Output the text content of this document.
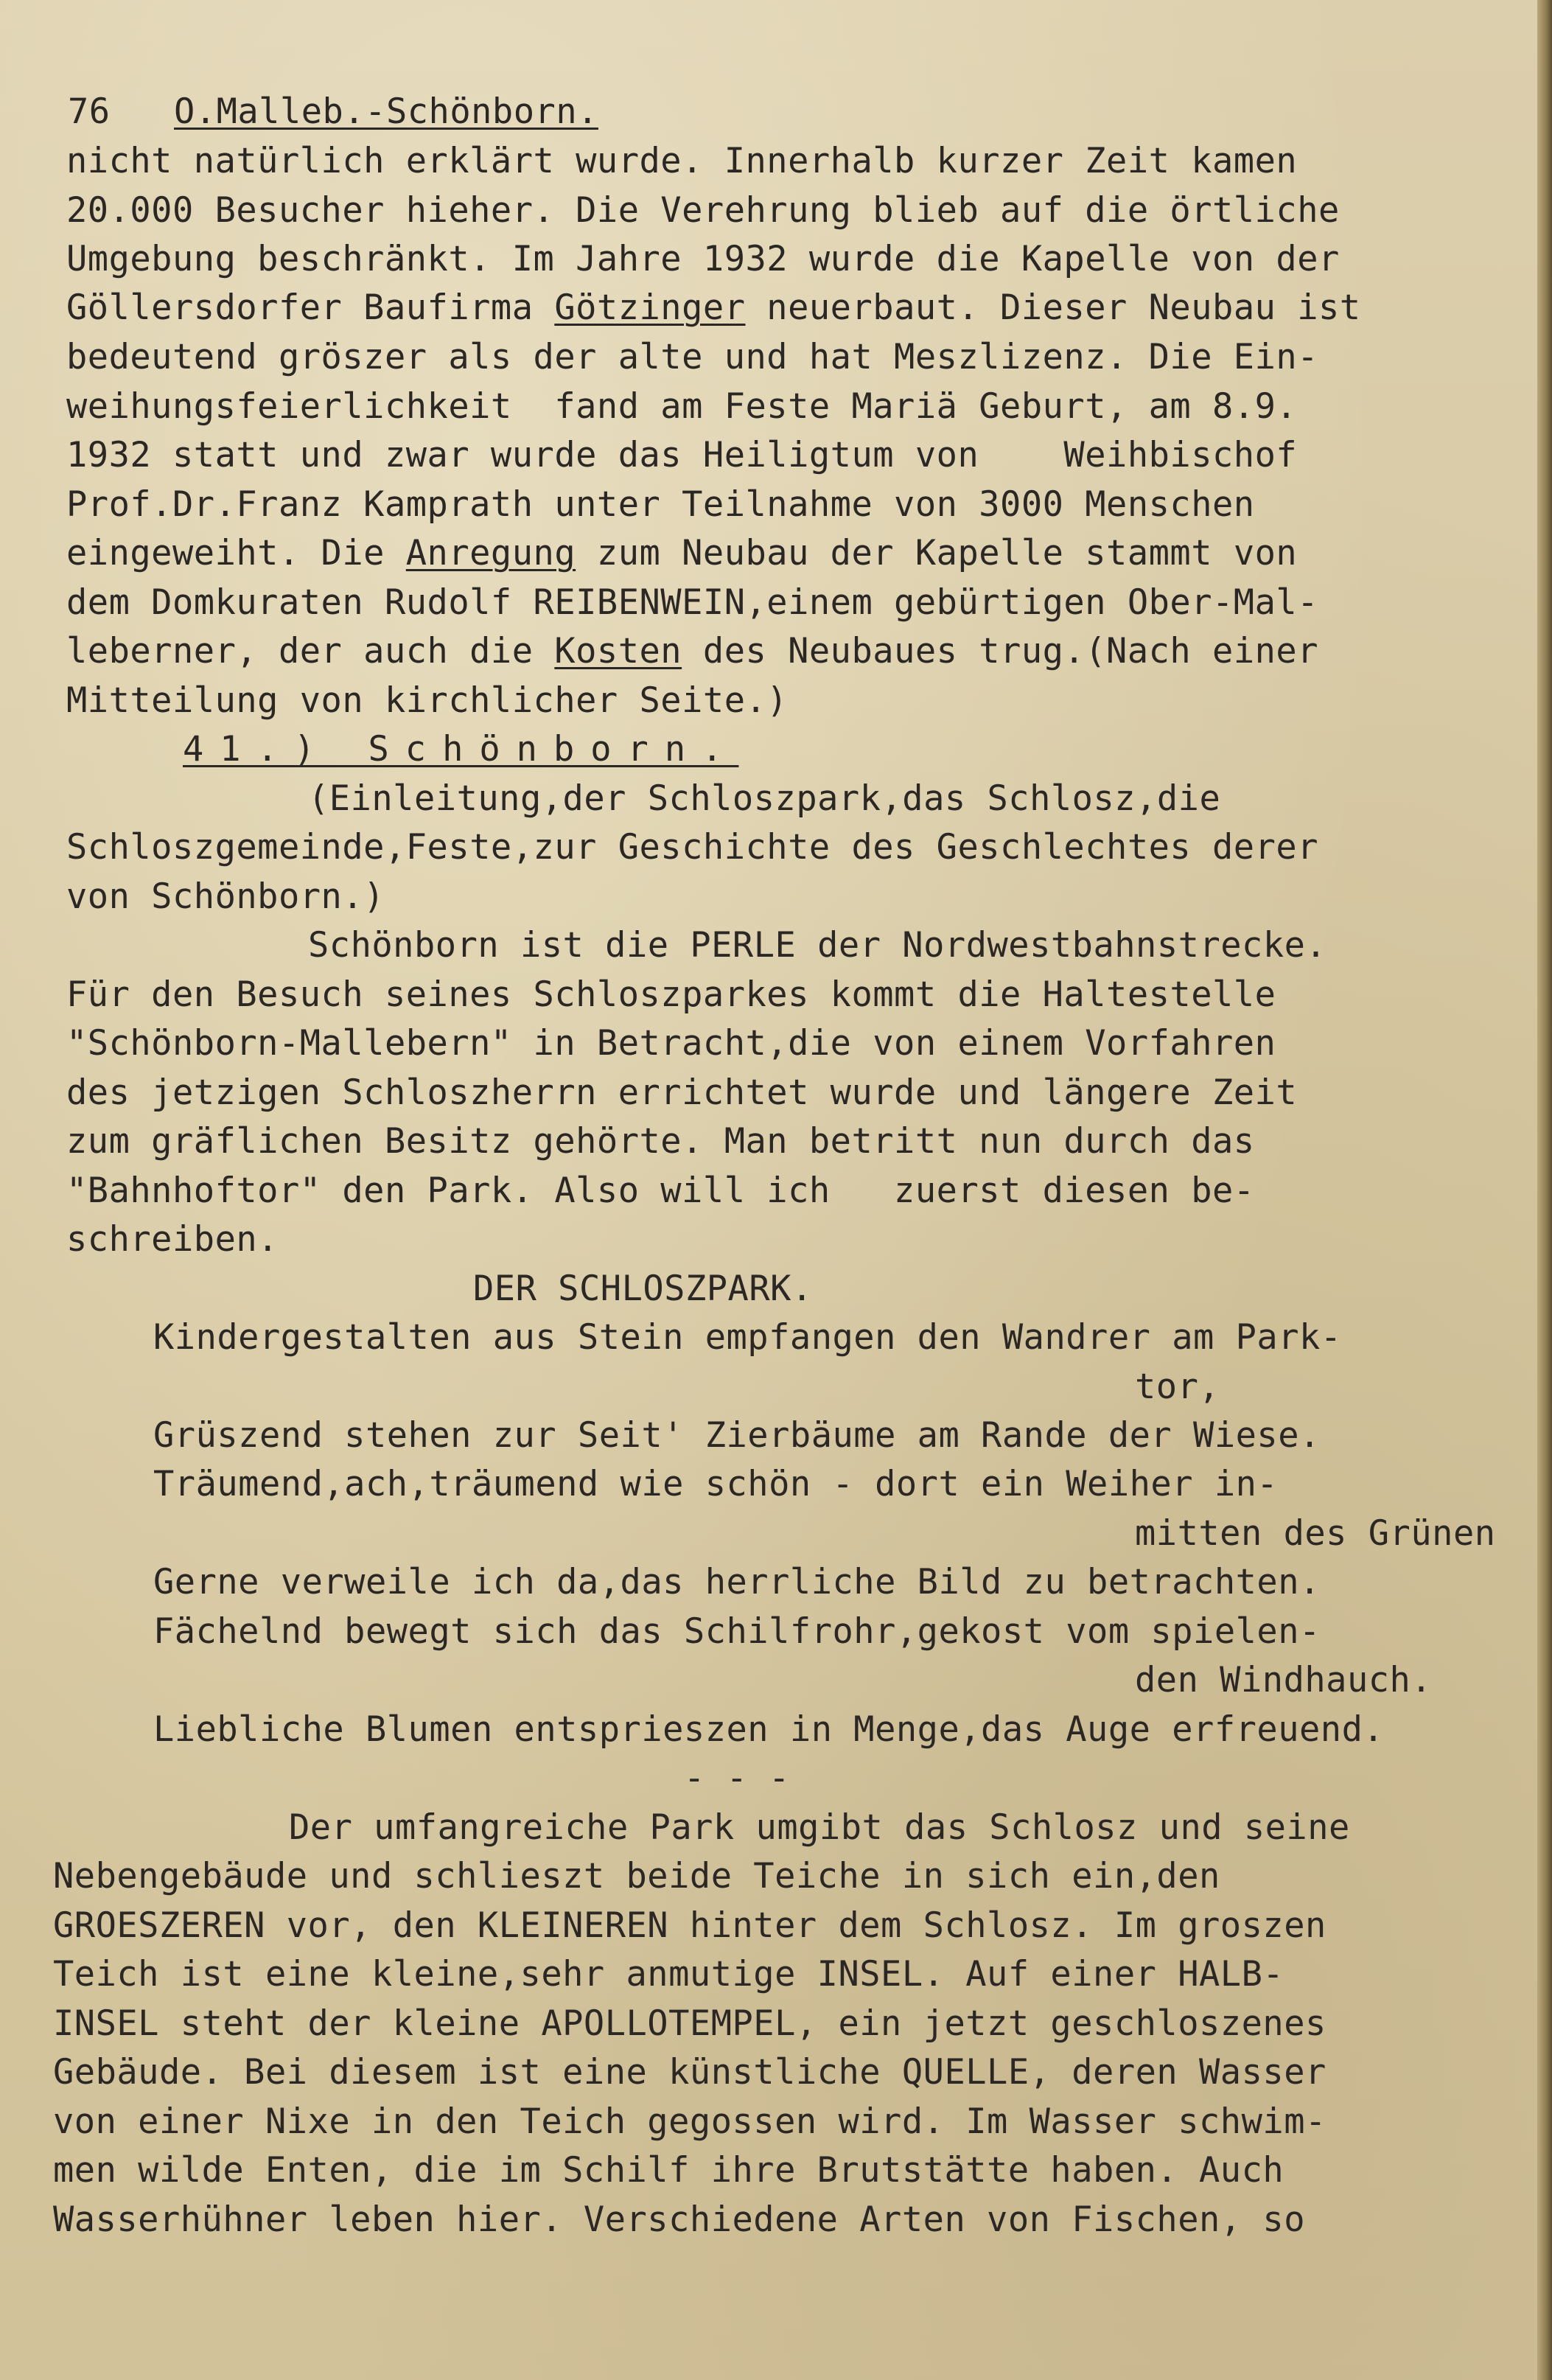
76 O.Malleb.-Schönborn.
nicht natürlich erklärt wurde. Innerhalb kurzer Zeit kamen
20.000 Besucher hieher. Die Verehrung blieb auf die örtliche
Umgebung beschränkt. Im Jahre 1932 wurde die Kapelle von der
Göllersdorfer Baufirma Götzinger neuerbaut. Dieser Neubau ist
bedeutend gröszer als der alte und hat Meszlizenz. Die Ein-
weihungsfeierlichkeit  fand am Feste Mariä Geburt, am 8.9.
1932 statt und zwar wurde das Heiligtum von    Weihbischof
Prof.Dr.Franz Kamprath unter Teilnahme von 3000 Menschen
eingeweiht. Die Anregung zum Neubau der Kapelle stammt von
dem Domkuraten Rudolf REIBENWEIN,einem gebürtigen Ober-Mal-
leberner, der auch die Kosten des Neubaues trug.(Nach einer
Mitteilung von kirchlicher Seite.)
41.) Schönborn.
(Einleitung,der Schloszpark,das Schlosz,die
Schloszgemeinde,Feste,zur Geschichte des Geschlechtes derer
von Schönborn.)
Schönborn ist die PERLE der Nordwestbahnstrecke.
Für den Besuch seines Schloszparkes kommt die Haltestelle
"Schönborn-Mallebern" in Betracht,die von einem Vorfahren
des jetzigen Schloszherrn errichtet wurde und längere Zeit
zum gräflichen Besitz gehörte. Man betritt nun durch das
"Bahnhoftor" den Park. Also will ich   zuerst diesen be-
schreiben.
DER SCHLOSZPARK.
Kindergestalten aus Stein empfangen den Wandrer am Park-
tor,
Grüszend stehen zur Seit' Zierbäume am Rande der Wiese.
Träumend,ach,träumend wie schön - dort ein Weiher in-
mitten des Grünen
Gerne verweile ich da,das herrliche Bild zu betrachten.
Fächelnd bewegt sich das Schilfrohr,gekost vom spielen-
den Windhauch.
Liebliche Blumen entsprieszen in Menge,das Auge erfreuend.
- - -
Der umfangreiche Park umgibt das Schlosz und seine
Nebengebäude und schlieszt beide Teiche in sich ein,den
GROESZEREN vor, den KLEINEREN hinter dem Schlosz. Im groszen
Teich ist eine kleine,sehr anmutige INSEL. Auf einer HALB-
INSEL steht der kleine APOLLOTEMPEL, ein jetzt geschloszenes
Gebäude. Bei diesem ist eine künstliche QUELLE, deren Wasser
von einer Nixe in den Teich gegossen wird. Im Wasser schwim-
men wilde Enten, die im Schilf ihre Brutstätte haben. Auch
Wasserhühner leben hier. Verschiedene Arten von Fischen, so
